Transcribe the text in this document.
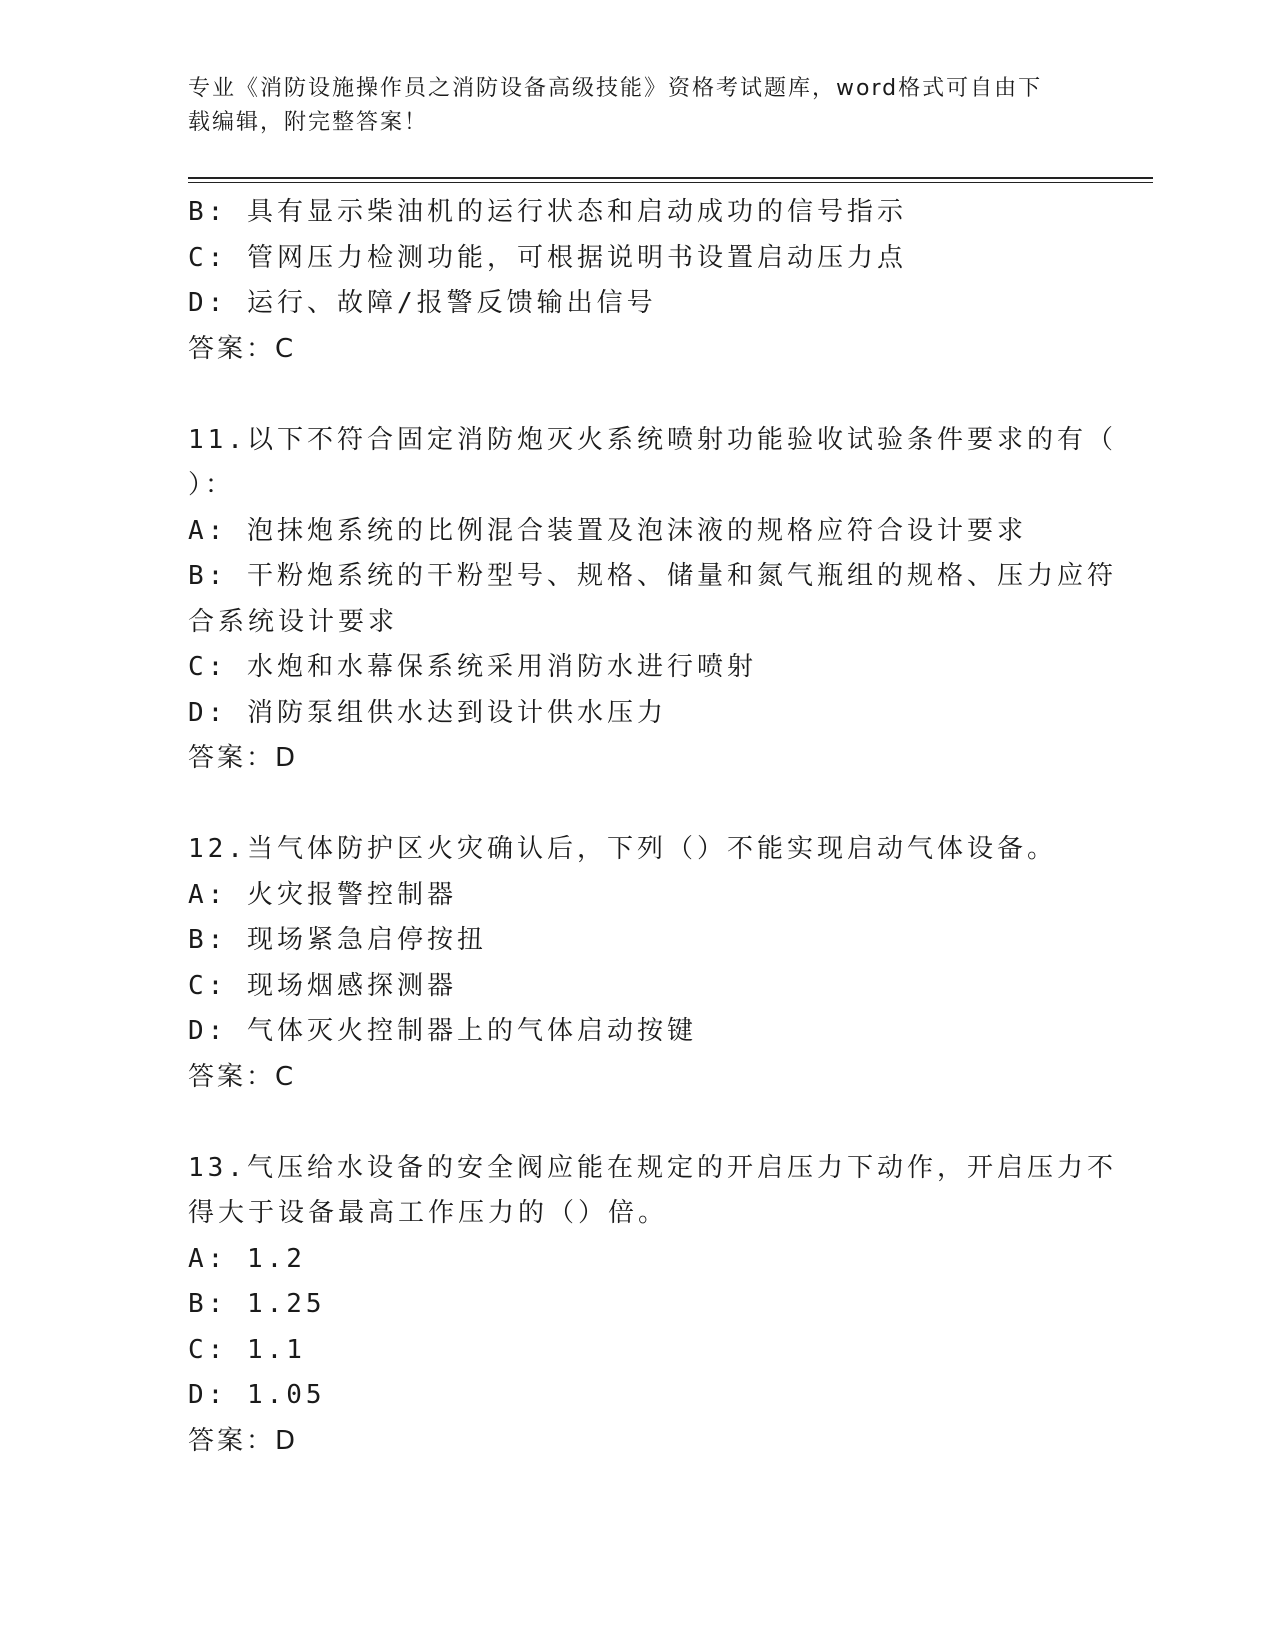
专业《消防设施操作员之消防设备高级技能》资格考试题库，word格式可自由下
载编辑，附完整答案！
B: 具有显示柴油机的运行状态和启动成功的信号指示
C: 管网压力检测功能，可根据说明书设置启动压力点
D: 运行、故障/报警反馈输出信号
答案：C
11.以下不符合固定消防炮灭火系统喷射功能验收试验条件要求的有（
）：
A: 泡抹炮系统的比例混合装置及泡沫液的规格应符合设计要求
B: 干粉炮系统的干粉型号、规格、储量和氮气瓶组的规格、压力应符
合系统设计要求
C: 水炮和水幕保系统采用消防水进行喷射
D: 消防泵组供水达到设计供水压力
答案：D
12.当气体防护区火灾确认后，下列（）不能实现启动气体设备。
A: 火灾报警控制器
B: 现场紧急启停按扭
C: 现场烟感探测器
D: 气体灭火控制器上的气体启动按键
答案：C
13.气压给水设备的安全阀应能在规定的开启压力下动作，开启压力不
得大于设备最高工作压力的（）倍。
A: 1.2
B: 1.25
C: 1.1
D: 1.05
答案：D
